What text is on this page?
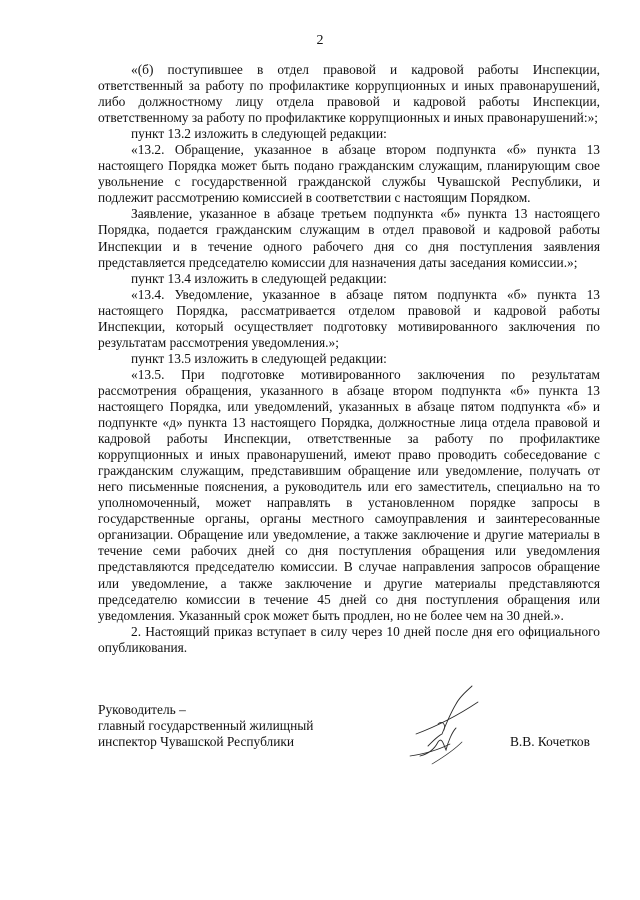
2

«(б) поступившее в отдел правовой и кадровой работы Инспекции, ответственный за работу по профилактике коррупционных и иных правонарушений, либо должностному лицу отдела правовой и кадровой работы Инспекции, ответственному за работу по профилактике коррупционных и иных правонарушений:»;

пункт 13.2 изложить в следующей редакции:

«13.2. Обращение, указанное в абзаце втором подпункта «б» пункта 13 настоящего Порядка может быть подано гражданским служащим, планирующим свое увольнение с государственной гражданской службы Чувашской Республики, и подлежит рассмотрению комиссией в соответствии с настоящим Порядком.

Заявление, указанное в абзаце третьем подпункта «б» пункта 13 настоящего Порядка, подается гражданским служащим в отдел правовой и кадровой работы Инспекции и в течение одного рабочего дня со дня поступления заявления представляется председателю комиссии для назначения даты заседания комиссии.»;

пункт 13.4 изложить в следующей редакции:

«13.4. Уведомление, указанное в абзаце пятом подпункта «б» пункта 13 настоящего Порядка, рассматривается отделом правовой и кадровой работы Инспекции, который осуществляет подготовку мотивированного заключения по результатам рассмотрения уведомления.»;

пункт 13.5 изложить в следующей редакции:

«13.5. При подготовке мотивированного заключения по результатам рассмотрения обращения, указанного в абзаце втором подпункта «б» пункта 13 настоящего Порядка, или уведомлений, указанных в абзаце пятом подпункта «б» и подпункте «д» пункта 13 настоящего Порядка, должностные лица отдела правовой и кадровой работы Инспекции, ответственные за работу по профилактике коррупционных и иных правонарушений, имеют право проводить собеседование с гражданским служащим, представившим обращение или уведомление, получать от него письменные пояснения, а руководитель или его заместитель, специально на то уполномоченный, может направлять в установленном порядке запросы в государственные органы, органы местного самоуправления и заинтересованные организации. Обращение или уведомление, а также заключение и другие материалы в течение семи рабочих дней со дня поступления обращения или уведомления представляются председателю комиссии. В случае направления запросов обращение или уведомление, а также заключение и другие материалы представляются председателю комиссии в течение 45 дней со дня поступления обращения или уведомления. Указанный срок может быть продлен, но не более чем на 30 дней.».

2. Настоящий приказ вступает в силу через 10 дней после дня его официального опубликования.

Руководитель –
главный государственный жилищный
инспектор Чувашской Республики	В.В. Кочетков
